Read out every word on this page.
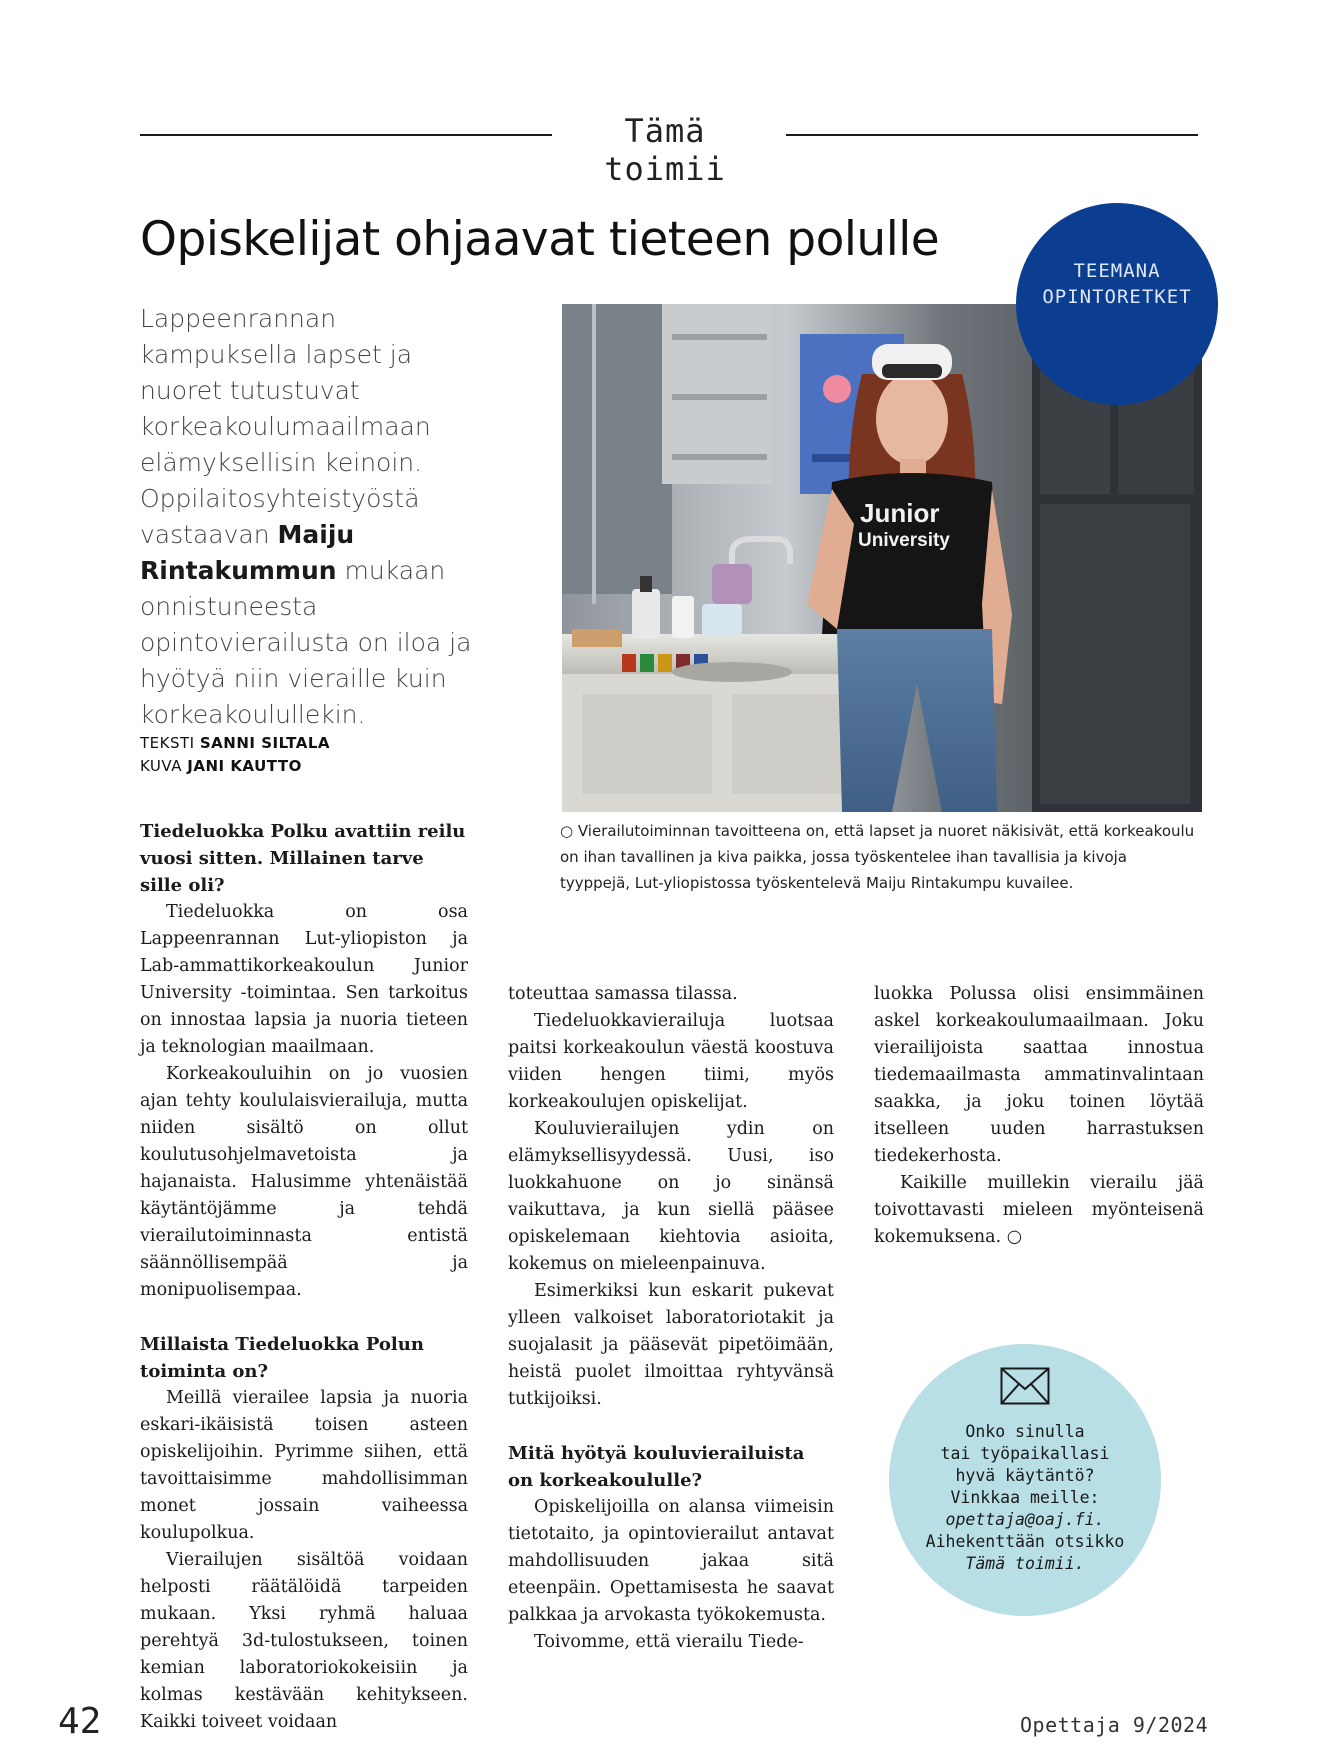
Tämä toimii
Opiskelijat ohjaavat tieteen polulle
Lappeenrannan kampuksella lapset ja nuoret tutustuvat korkeakoulumaailmaan elämyksellisin keinoin. Oppilaitosyhteistyöstä vastaavan Maiju Rintakummun mukaan onnistuneesta opintovierailusta on iloa ja hyötyä niin vieraille kuin korkeakoulullekin.
TEKSTI SANNI SILTALA
KUVA JANI KAUTTO
Junior
University
TEEMANA
OPINTORETKET
○ Vierailutoiminnan tavoitteena on, että lapset ja nuoret näkisivät, että korkeakoulu on ihan tavallinen ja kiva paikka, jossa työskentelee ihan tavallisia ja kivoja tyyppejä, Lut-yliopistossa työskentelevä Maiju Rintakumpu kuvailee.
Tiedeluokka Polku avattiin reilu vuosi sitten. Millainen tarve sille oli?

Tiedeluokka on osa Lappeenrannan Lut-yliopiston ja Lab-ammattikorkeakoulun Junior University -toimintaa. Sen tarkoitus on innostaa lapsia ja nuoria tieteen ja teknologian maailmaan.

Korkeakouluihin on jo vuosien ajan tehty koululaisvierailuja, mutta niiden sisältö on ollut koulutusohjelmavetoista ja hajanaista. Halusimme yhtenäistää käytäntöjämme ja tehdä vierailutoiminnasta entistä säännöllisempää ja monipuolisempaa.

Millaista Tiedeluokka Polun toiminta on?

Meillä vierailee lapsia ja nuoria eskari-ikäisistä toisen asteen opiskelijoihin. Pyrimme siihen, että tavoittaisimme mahdollisimman monet jossain vaiheessa koulupolkua.

Vierailujen sisältöä voidaan helposti räätälöidä tarpeiden mukaan. Yksi ryhmä haluaa perehtyä 3d-tulostukseen, toinen kemian laboratoriokokeisiin ja kolmas kestävään kehitykseen. Kaikki toiveet voidaan

toteuttaa samassa tilassa.

Tiedeluokkavierailuja luotsaa paitsi korkeakoulun väestä koostuva viiden hengen tiimi, myös korkeakoulujen opiskelijat.

Kouluvierailujen ydin on elämyksellisyydessä. Uusi, iso luokkahuone on jo sinänsä vaikuttava, ja kun siellä pääsee opiskelemaan kiehtovia asioita, kokemus on mieleenpainuva.

Esimerkiksi kun eskarit pukevat ylleen valkoiset laboratoriotakit ja suojalasit ja pääsevät pipetöimään, heistä puolet ilmoittaa ryhtyvänsä tutkijoiksi.

Mitä hyötyä kouluvierailuista on korkeakoululle?

Opiskelijoilla on alansa viimeisin tietotaito, ja opintovierailut antavat mahdollisuuden jakaa sitä eteenpäin. Opettamisesta he saavat palkkaa ja arvokasta työkokemusta.

Toivomme, että vierailu Tiede-

luokka Polussa olisi ensimmäinen askel korkeakoulumaailmaan. Joku vierailijoista saattaa innostua tiedemaailmasta ammatinvalintaan saakka, ja joku toinen löytää itselleen uuden harrastuksen tiedekerhosta.

Kaikille muillekin vierailu jää toivottavasti mieleen myönteisenä kokemuksena. ○

Onko sinulla
tai työpaikallasi
hyvä käytäntö?
Vinkkaa meille:
opettaja@oaj.fi.
Aihekenttään otsikko
Tämä toimii.
42	Opettaja 9/2024
